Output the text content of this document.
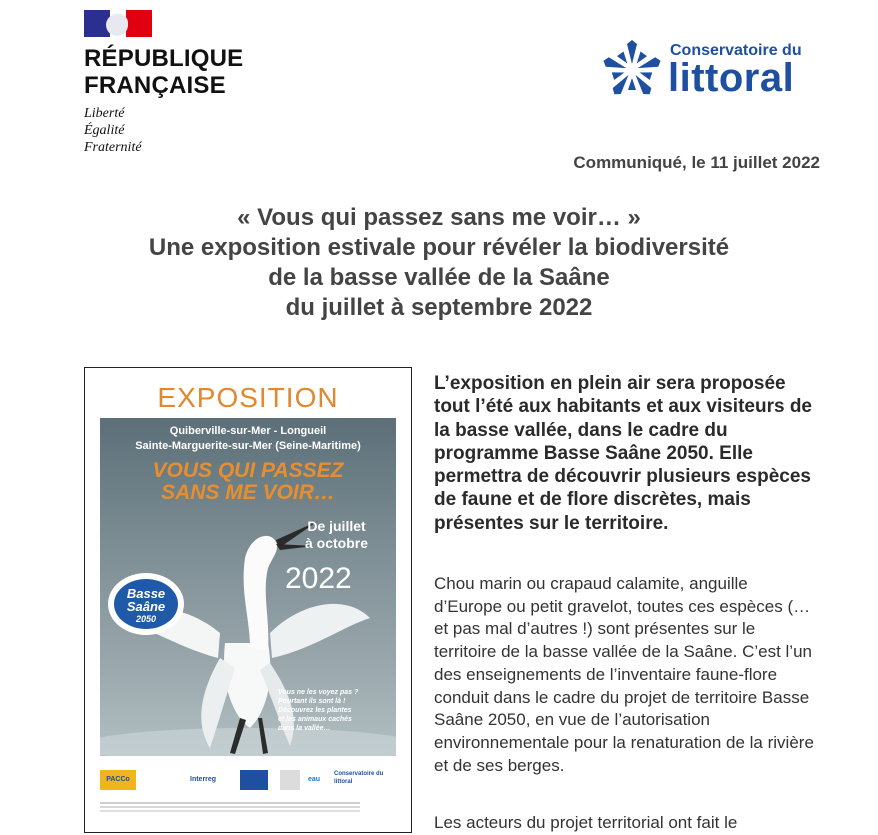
RÉPUBLIQUE
FRANÇAISE
Liberté
Égalité
Fraternité
Conservatoire du
littoral
Communiqué, le 11 juillet 2022
« Vous qui passez sans me voir… »
Une exposition estivale pour révéler la biodiversité
de la basse vallée de la Saâne
du juillet à septembre 2022
EXPOSITION
Quiberville-sur-Mer - Longueil
Sainte-Marguerite-sur-Mer (Seine-Maritime)
VOUS QUI PASSEZ
SANS ME VOIR…
De juillet
à octobre
2022
Basse
Saâne
2050
Vous ne les voyez pas ?
Pourtant ils sont là !
Découvrez les plantes
et les animaux cachés
dans la vallée…
PACCo	Interreg	eau
Conservatoire du littoral

L’exposition en plein air sera proposée tout l’été aux habitants et aux visiteurs de la basse vallée, dans le cadre du programme Basse Saâne 2050. Elle permettra de découvrir plusieurs espèces de faune et de flore discrètes, mais présentes sur le territoire.

Chou marin ou crapaud calamite, anguille d’Europe ou petit gravelot, toutes ces espèces (… et pas mal d’autres !) sont présentes sur le territoire de la basse vallée de la Saâne. C’est l’un des enseignements de l’inventaire faune-flore conduit dans le cadre du projet de territoire Basse Saâne 2050, en vue de l’autorisation environnementale pour la renaturation de la rivière et de ses berges.

Les acteurs du projet territorial ont fait le
